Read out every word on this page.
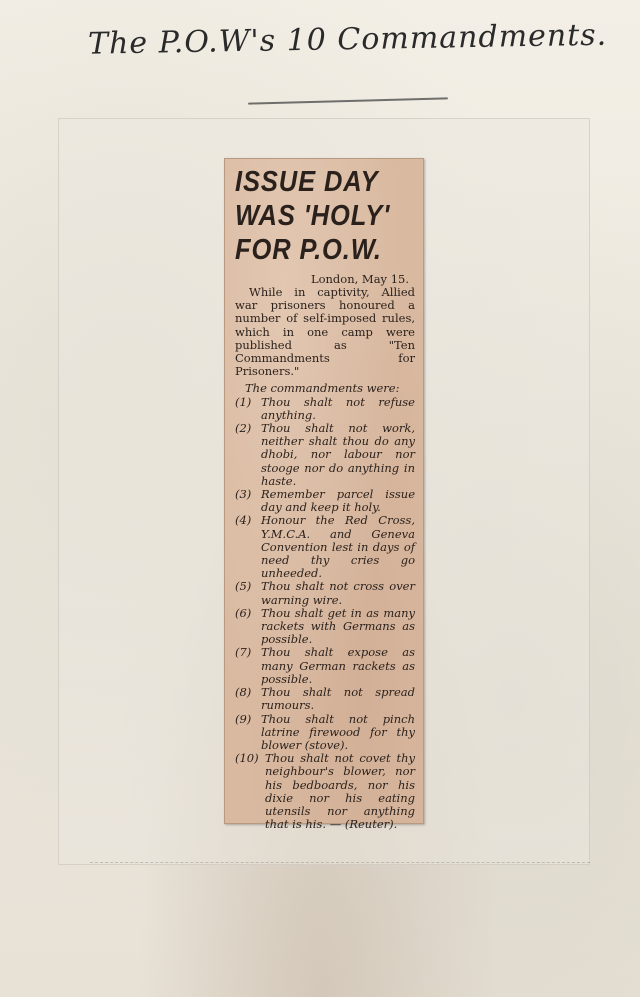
The P.O.W's 10 Commandments.
ISSUE DAY
WAS 'HOLY'
FOR P.O.W.
London, May 15.

While in captivity, Allied war prisoners honoured a number of self-imposed rules, which in one camp were published as "Ten Commandments for Prisoners."

The commandments were:
(1) Thou shalt not refuse anything.
(2) Thou shalt not work, neither shalt thou do any dhobi, nor labour nor stooge nor do anything in haste.
(3) Remember parcel issue day and keep it holy.
(4) Honour the Red Cross, Y.M.C.A. and Geneva Convention lest in days of need thy cries go unheeded.
(5) Thou shalt not cross over warning wire.
(6) Thou shalt get in as many rackets with Germans as possible.
(7) Thou shalt expose as many German rackets as possible.
(8) Thou shalt not spread rumours.
(9) Thou shalt not pinch latrine firewood for thy blower (stove).
(10) Thou shalt not covet thy neighbour's blower, nor his bedboards, nor his dixie nor his eating utensils nor anything that is his. — (Reuter).
